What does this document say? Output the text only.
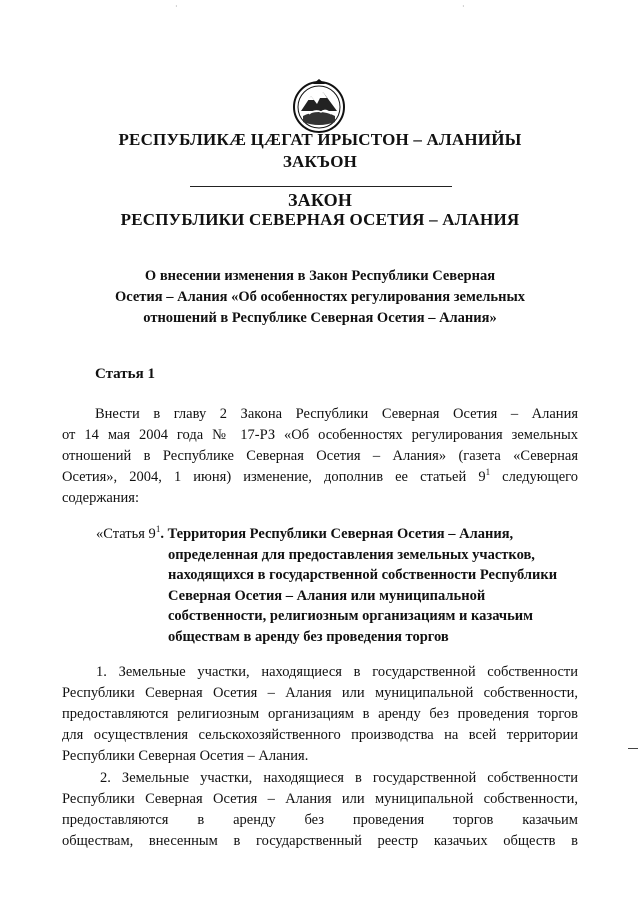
РЕСПУБЛИКÆ ЦÆГАТ ИРЫСТОН – АЛАНИЙЫ
ЗАКЪОН
ЗАКОН
РЕСПУБЛИКИ СЕВЕРНАЯ ОСЕТИЯ – АЛАНИЯ
О внесении изменения в Закон Республики Северная
Осетия – Алания «Об особенностях регулирования земельных
отношений в Республике Северная Осетия – Алания»
Статья 1
Внести в главу 2 Закона Республики Северная Осетия – Алания
от 14 мая 2004 года № 17-РЗ «Об особенностях регулирования земельных
отношений в Республике Северная Осетия – Алания» (газета «Северная
Осетия», 2004, 1 июня) изменение, дополнив ее статьей $9^1$ следующего
содержания:
«Статья $9^1$. Территория Республики Северная Осетия – Алания,
определенная для предоставления земельных участков,
находящихся в государственной собственности Республики
Северная Осетия – Алания или муниципальной
собственности, религиозным организациям и казачьим
обществам в аренду без проведения торгов
1. Земельные участки, находящиеся в государственной собственности
Республики Северная Осетия – Алания или муниципальной собственности,
предоставляются религиозным организациям в аренду без проведения торгов
для осуществления сельскохозяйственного производства на всей территории
Республики Северная Осетия – Алания.
2. Земельные участки, находящиеся в государственной собственности
Республики Северная Осетия – Алания или муниципальной собственности,
предоставляются в аренду без проведения торгов казачьим
обществам, внесенным в государственный реестр казачьих обществ в
·	·
